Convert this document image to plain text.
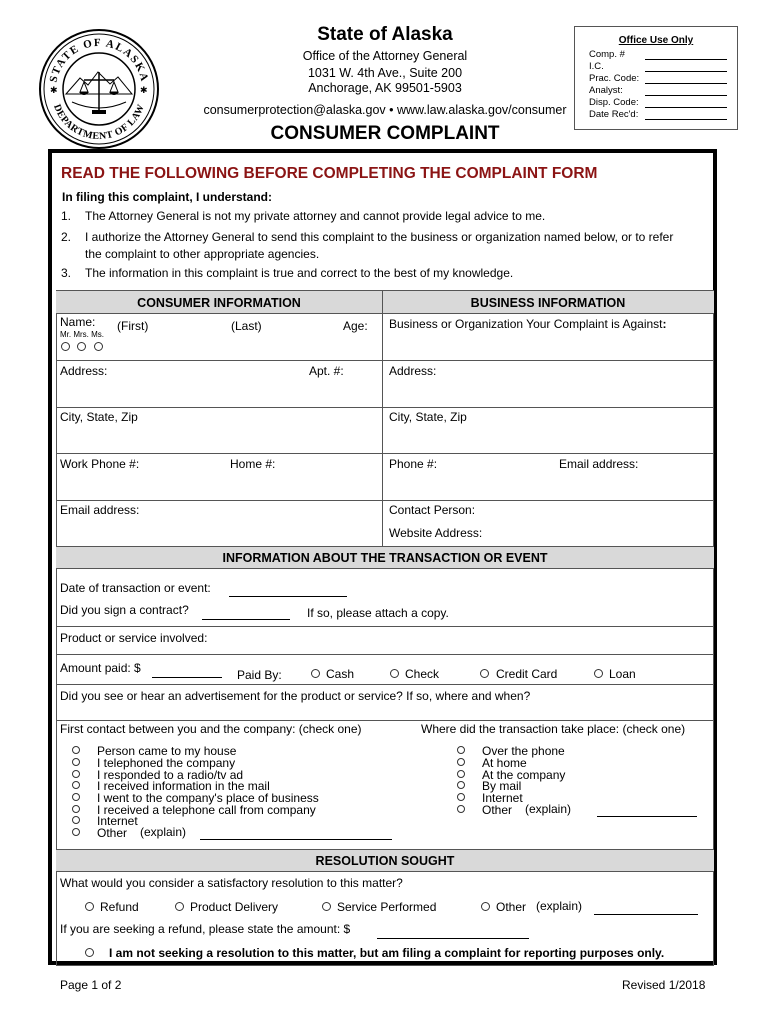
STATE OF ALASKA
DEPARTMENT OF LAW
✱	✱
State of Alaska
Office of the Attorney General
1031 W. 4th Ave., Suite 200
Anchorage, AK 99501-5903
consumerprotection@alaska.gov • www.law.alaska.gov/consumer
CONSUMER COMPLAINT
Office Use Only
Comp. #
I.C.
Prac. Code:
Analyst:
Disp. Code:
Date Rec'd:
READ THE FOLLOWING BEFORE COMPLETING THE COMPLAINT FORM
In filing this complaint, I understand:
1. The Attorney General is not my private attorney and cannot provide legal advice to me.
2. I authorize the Attorney General to send this complaint to the business or organization named below, or to refer
the complaint to other appropriate agencies.
3. The information in this complaint is true and correct to the best of my knowledge.
CONSUMER INFORMATION	BUSINESS INFORMATION
Name: (First)	(Last)	Age:
Mr. Mrs. Ms.
Business or Organization Your Complaint is Against:
Address:	Apt. #:	Address:
City, State, Zip	City, State, Zip
Work Phone #:	Home #:	Phone #:	Email address:
Email address:	Contact Person:
Website Address:
INFORMATION ABOUT THE TRANSACTION OR EVENT
Date of transaction or event:
Did you sign a contract?	If so, please attach a copy.
Product or service involved:
Amount paid: $	Paid By:	Cash	Check	Credit Card	Loan
Did you see or hear an advertisement for the product or service? If so, where and when?
First contact between you and the company: (check one)	Where did the transaction take place: (check one)
Person came to my house
I telephoned the company
I responded to a radio/tv ad
I received information in the mail
I went to the company's place of business
I received a telephone call from company
Internet
Other (explain)
Over the phone
At home
At the company
By mail
Internet
Other (explain)
RESOLUTION SOUGHT
What would you consider a satisfactory resolution to this matter?
Refund	Product Delivery	Service Performed	Other (explain)
If you are seeking a refund, please state the amount: $
I am not seeking a resolution to this matter, but am filing a complaint for reporting purposes only.
Page 1 of 2	Revised 1/2018
